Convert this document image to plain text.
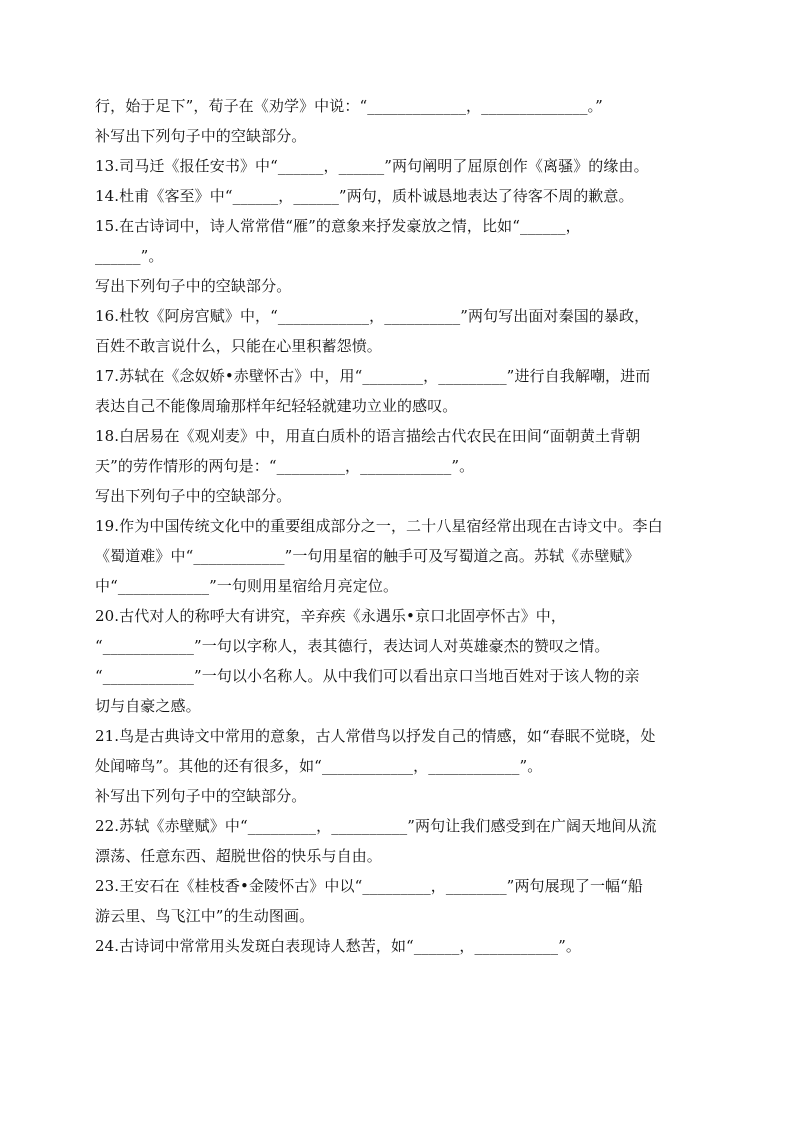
行，始于足下”，荀子在《劝学》中说：“_____________，______________。”
补写出下列句子中的空缺部分。
13.司马迁《报任安书》中“______，______”两句阐明了屈原创作《离骚》的缘由。
14.杜甫《客至》中“______，______”两句，质朴诚恳地表达了待客不周的歉意。
15.在古诗词中，诗人常常借“雁”的意象来抒发豪放之情，比如“______，
______”。
写出下列句子中的空缺部分。
16.杜牧《阿房宫赋》中，“____________，__________”两句写出面对秦国的暴政，
百姓不敢言说什么，只能在心里积蓄怨愤。
17.苏轼在《念奴娇•赤壁怀古》中，用“________，_________”进行自我解嘲，进而
表达自己不能像周瑜那样年纪轻轻就建功立业的感叹。
18.白居易在《观刈麦》中，用直白质朴的语言描绘古代农民在田间“面朝黄土背朝
天”的劳作情形的两句是：“_________，____________”。
写出下列句子中的空缺部分。
19.作为中国传统文化中的重要组成部分之一，二十八星宿经常出现在古诗文中。李白
《蜀道难》中“____________”一句用星宿的触手可及写蜀道之高。苏轼《赤壁赋》
中“____________”一句则用星宿给月亮定位。
20.古代对人的称呼大有讲究，辛弃疾《永遇乐•京口北固亭怀古》中，
“____________”一句以字称人，表其德行，表达词人对英雄豪杰的赞叹之情。
“____________”一句以小名称人。从中我们可以看出京口当地百姓对于该人物的亲
切与自豪之感。
21.鸟是古典诗文中常用的意象，古人常借鸟以抒发自己的情感，如“春眠不觉晓，处
处闻啼鸟”。其他的还有很多，如“____________，____________”。
补写出下列句子中的空缺部分。
22.苏轼《赤壁赋》中“_________，__________”两句让我们感受到在广阔天地间从流
漂荡、任意东西、超脱世俗的快乐与自由。
23.王安石在《桂枝香•金陵怀古》中以“_________，________”两句展现了一幅“船
游云里、鸟飞江中”的生动图画。
24.古诗词中常常用头发斑白表现诗人愁苦，如“______，___________”。
